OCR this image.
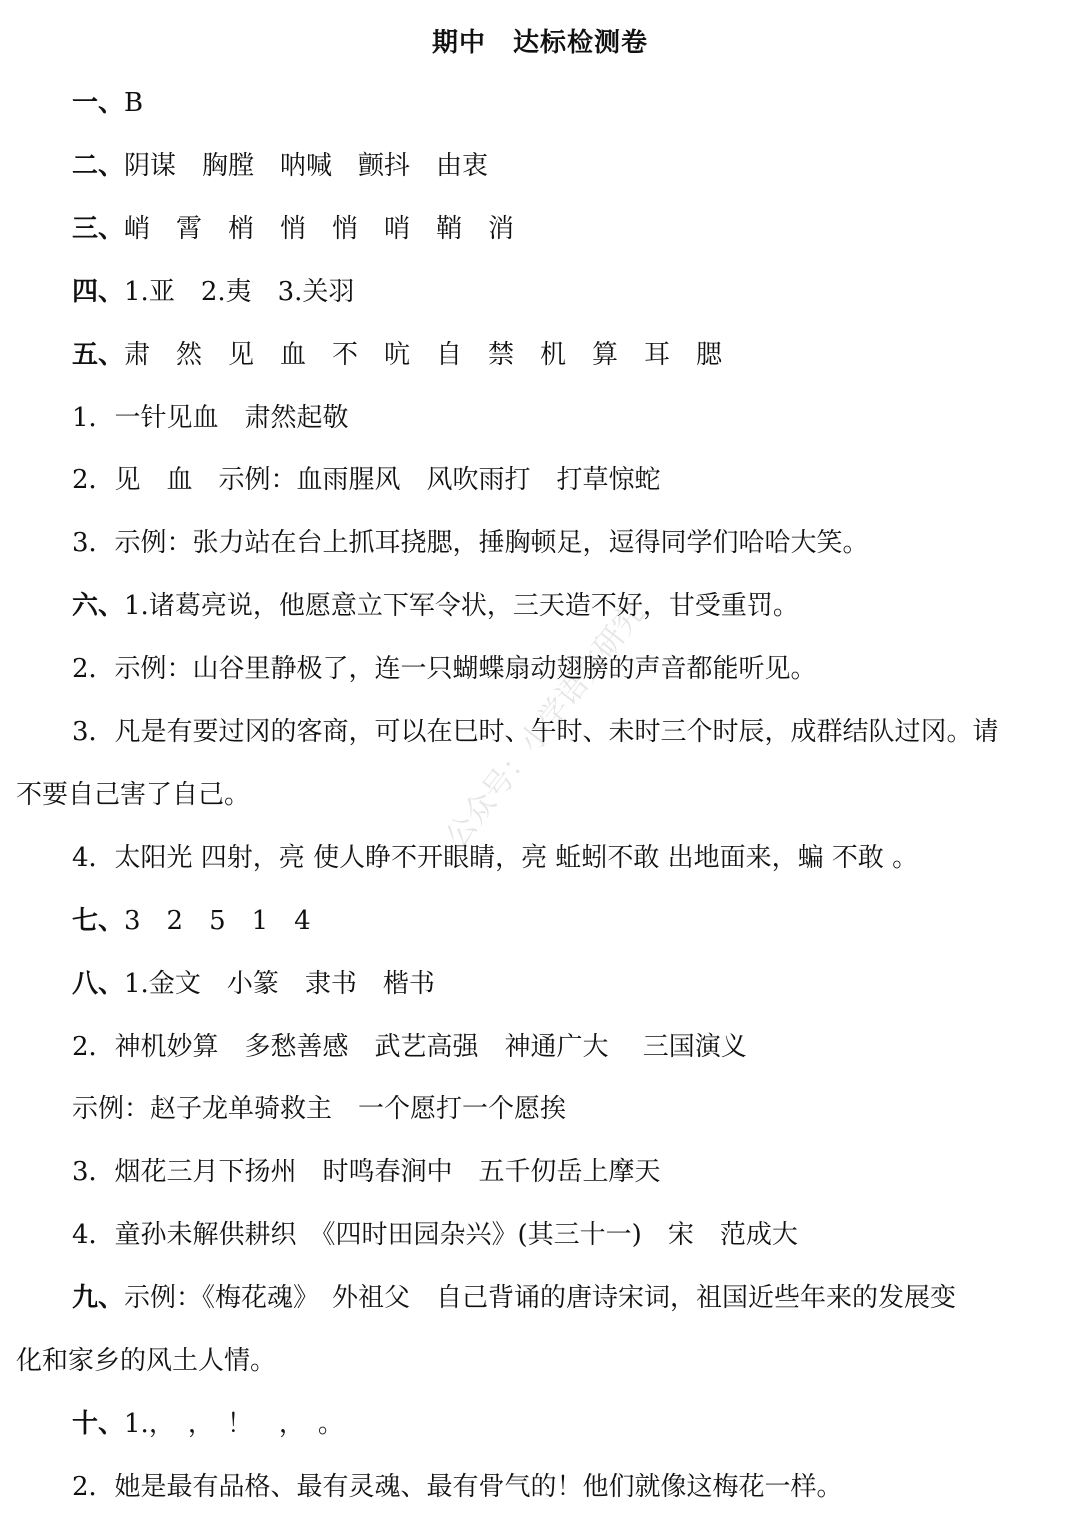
期中　达标检测卷
一、B
二、阴谋　胸膛　呐喊　颤抖　由衷
三、峭　霄　梢　悄　悄　哨　鞘　消
四、1.亚　2.夷　3.关羽
五、肃　然　见　血　不　吭　自　禁　机　算　耳　腮
1．一针见血　肃然起敬
2．见　血　示例：血雨腥风　风吹雨打　打草惊蛇
3．示例：张力站在台上抓耳挠腮，捶胸顿足，逗得同学们哈哈大笑。
六、1.诸葛亮说，他愿意立下军令状，三天造不好，甘受重罚。
2．示例：山谷里静极了，连一只蝴蝶扇动翅膀的声音都能听见。
3．凡是有要过冈的客商，可以在巳时、午时、未时三个时辰，成群结队过冈。请
不要自己害了自己。
4．太阳光 四射，亮 使人睁不开眼睛，亮 蚯蚓不敢 出地面来，蝙 不敢 。
七、3　2　5　1　4
八、1.金文　小篆　隶书　楷书
2．神机妙算　多愁善感　武艺高强　神通广大　 三国演义
示例：赵子龙单骑救主　一个愿打一个愿挨
3．烟花三月下扬州　时鸣春涧中　五千仞岳上摩天
4．童孙未解供耕织　《四时田园杂兴》(其三十一)　宋　范成大
九、示例：《梅花魂》　外祖父　自己背诵的唐诗宋词，祖国近些年来的发展变
化和家乡的风土人情。
十、1.，　，　！　，　。
2．她是最有品格、最有灵魂、最有骨气的！他们就像这梅花一样。
公众号：小学语文研究
